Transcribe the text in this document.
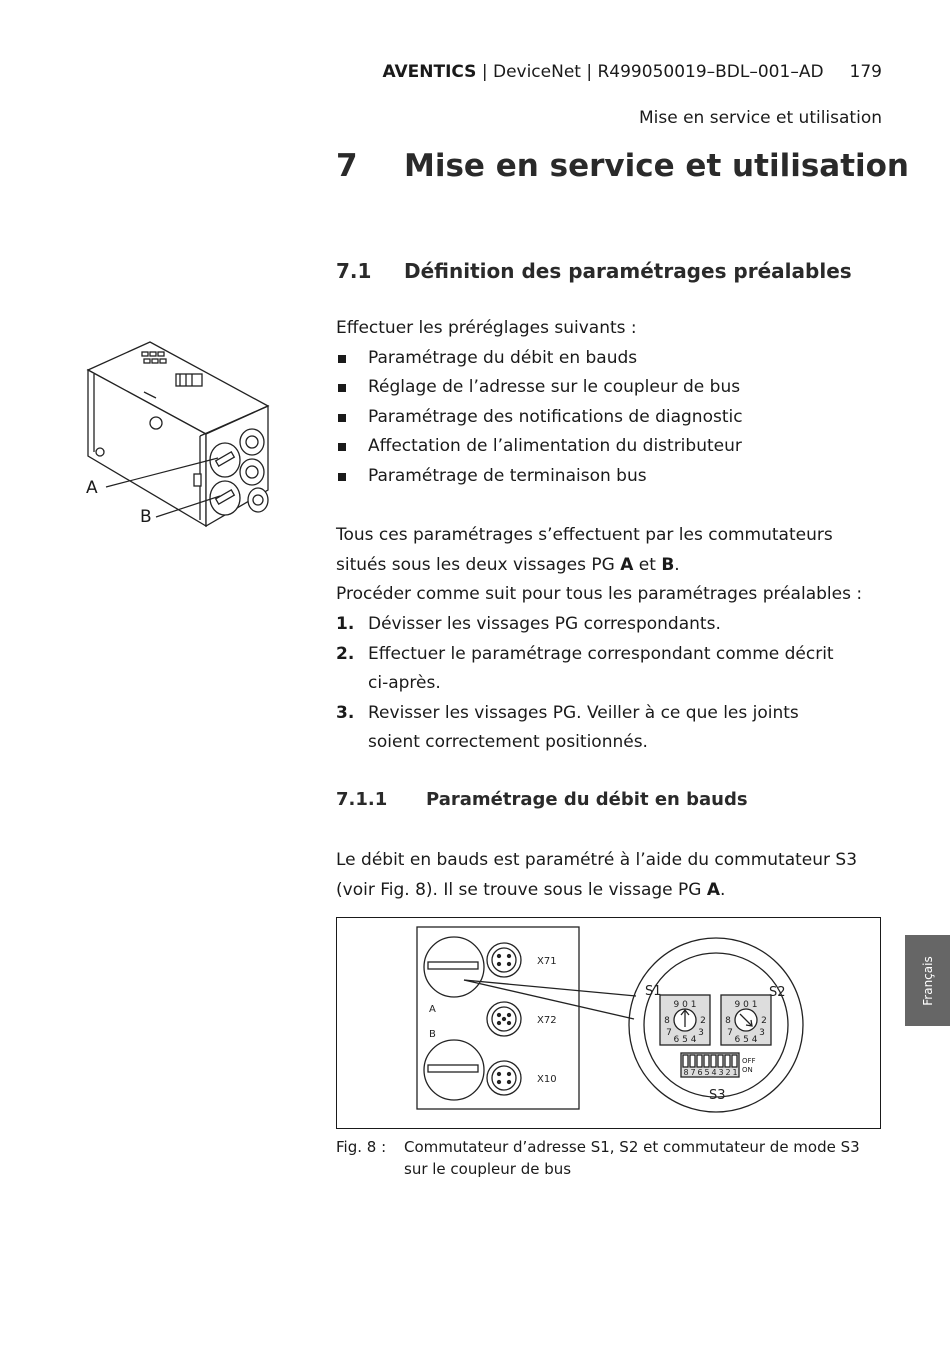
AVENTICS | DeviceNet | R499050019–BDL–001–AD 179
Mise en service et utilisation
7 Mise en service et utilisation
7.1 Définition des paramétrages préalables
Effectuer les préréglages suivants :
Paramétrage du débit en bauds
Réglage de l’adresse sur le coupleur de bus
Paramétrage des notifications de diagnostic
Affectation de l’alimentation du distributeur
Paramétrage de terminaison bus
Tous ces paramétrages s’effectuent par les commutateurs
situés sous les deux vissages PG A et B.
Procéder comme suit pour tous les paramétrages préalables :
1. Dévisser les vissages PG correspondants.
2. Effectuer le paramétrage correspondant comme décrit ci-après.
3. Revisser les vissages PG. Veiller à ce que les joints soient correctement positionnés.
7.1.1 Paramétrage du débit en bauds
Le débit en bauds est paramétré à l’aide du commutateur S3
(voir Fig. 8). Il se trouve sous le vissage PG A.
A
B
9 0 1
8	2
7	3
6 5 4
9 0 1
8	2
7	3
6 5 4
8 7 6 5 4 3 2 1
X71
X72
X10
A
B
S1	S2
S3
OFF
ON
Fig. 8 : Commutateur d’adresse S1, S2 et commutateur de mode S3 sur le coupleur de bus
Français
